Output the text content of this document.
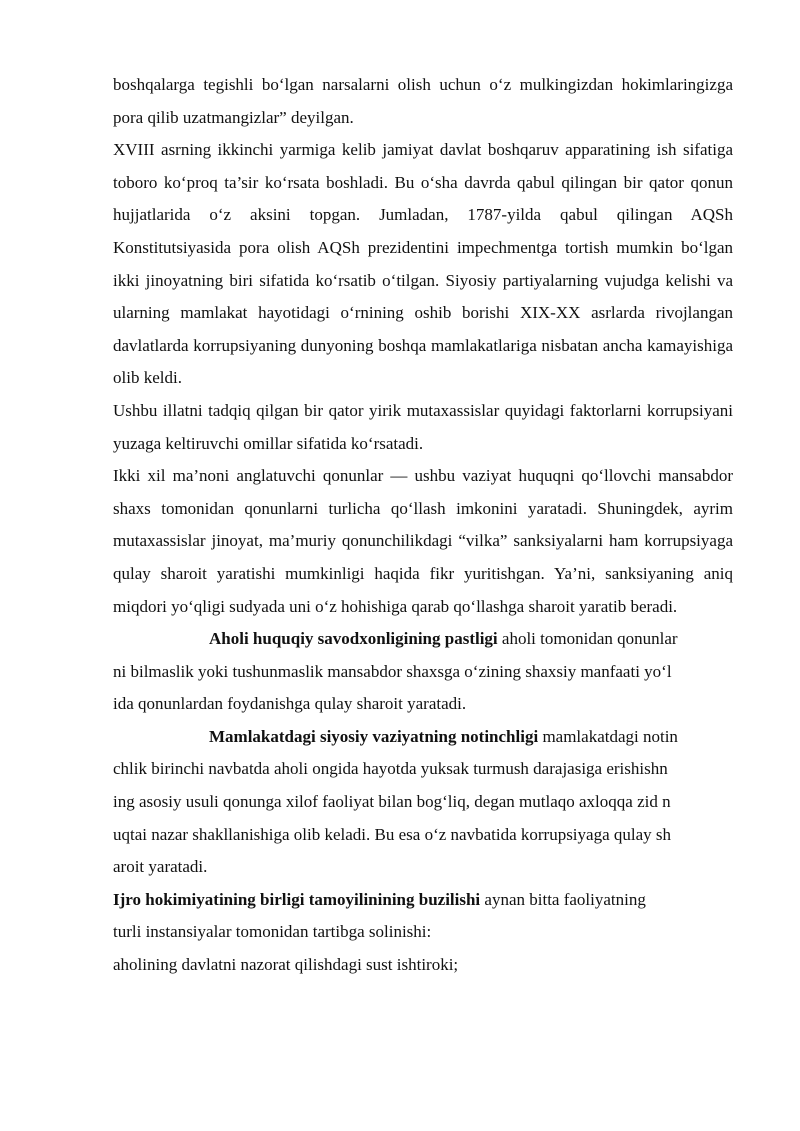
boshqalarga tegishli bo‘lgan narsalarni olish uchun o‘z mulkingizdan hokimlaringizga pora qilib uzatmangizlar” deyilgan.

XVIII asrning ikkinchi yarmiga kelib jamiyat davlat boshqaruv apparatining ish sifatiga toboro ko‘proq ta’sir ko‘rsata boshladi. Bu o‘sha davrda qabul qilingan bir qator qonun hujjatlarida o‘z aksini topgan. Jumladan, 1787-yilda qabul qilingan AQSh Konstitutsiyasida pora olish AQSh prezidentini impechmentga tortish mumkin bo‘lgan ikki jinoyatning biri sifatida ko‘rsatib o‘tilgan. Siyosiy partiyalarning vujudga kelishi va ularning mamlakat hayotidagi o‘rnining oshib borishi XIX-XX asrlarda rivojlangan davlatlarda korrupsiyaning dunyoning boshqa mamlakatlariga nisbatan ancha kamayishiga olib keldi.

Ushbu illatni tadqiq qilgan bir qator yirik mutaxassislar quyidagi faktorlarni korrupsiyani yuzaga keltiruvchi omillar sifatida ko‘rsatadi.

Ikki xil ma’noni anglatuvchi qonunlar — ushbu vaziyat huquqni qo‘llovchi mansabdor shaxs tomonidan qonunlarni turlicha qo‘llash imkonini yaratadi. Shuningdek, ayrim mutaxassislar jinoyat, ma’muriy qonunchilikdagi “vilka” sanksiyalarni ham korrupsiyaga qulay sharoit yaratishi mumkinligi haqida fikr yuritishgan. Ya’ni, sanksiyaning aniq miqdori yo‘qligi sudyada uni o‘z hohishiga qarab qo‘llashga sharoit yaratib beradi.

Aholi huquqiy savodxonligining pastligi aholi tomonidan qonunlar
ni bilmaslik yoki tushunmaslik mansabdor shaxsga o‘zining shaxsiy manfaati yo‘l
ida qonunlardan foydanishga qulay sharoit yaratadi.
Mamlakatdagi siyosiy vaziyatning notinchligi mamlakatdagi notin
chlik birinchi navbatda aholi ongida hayotda yuksak turmush darajasiga erishishn
ing asosiy usuli qonunga xilof faoliyat bilan bog‘liq, degan mutlaqo axloqqa zid n
uqtai nazar shakllanishiga olib keladi. Bu esa o‘z navbatida korrupsiyaga qulay sh
aroit yaratadi.
Ijro hokimiyatining birligi tamoyilinining buzilishi aynan bitta faoliyatning
turli instansiyalar tomonidan tartibga solinishi:

aholining davlatni nazorat qilishdagi sust ishtiroki;
